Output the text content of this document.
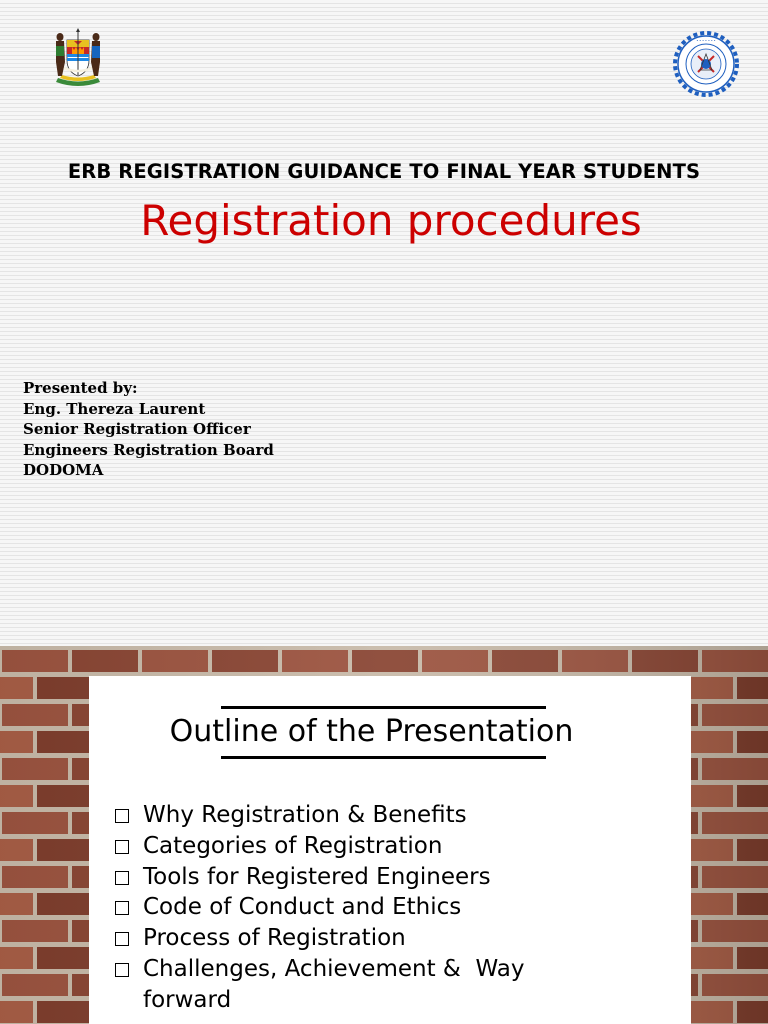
• • • • • • •
ERB REGISTRATION GUIDANCE TO FINAL YEAR STUDENTS
Registration procedures
Presented by:
Eng. Thereza Laurent
Senior Registration Officer
Engineers Registration Board
DODOMA
Outline of the Presentation
Why Registration & Benefits
Categories of Registration
Tools for Registered Engineers
Code of Conduct and Ethics
Process of Registration
Challenges, Achievement &  Way forward
